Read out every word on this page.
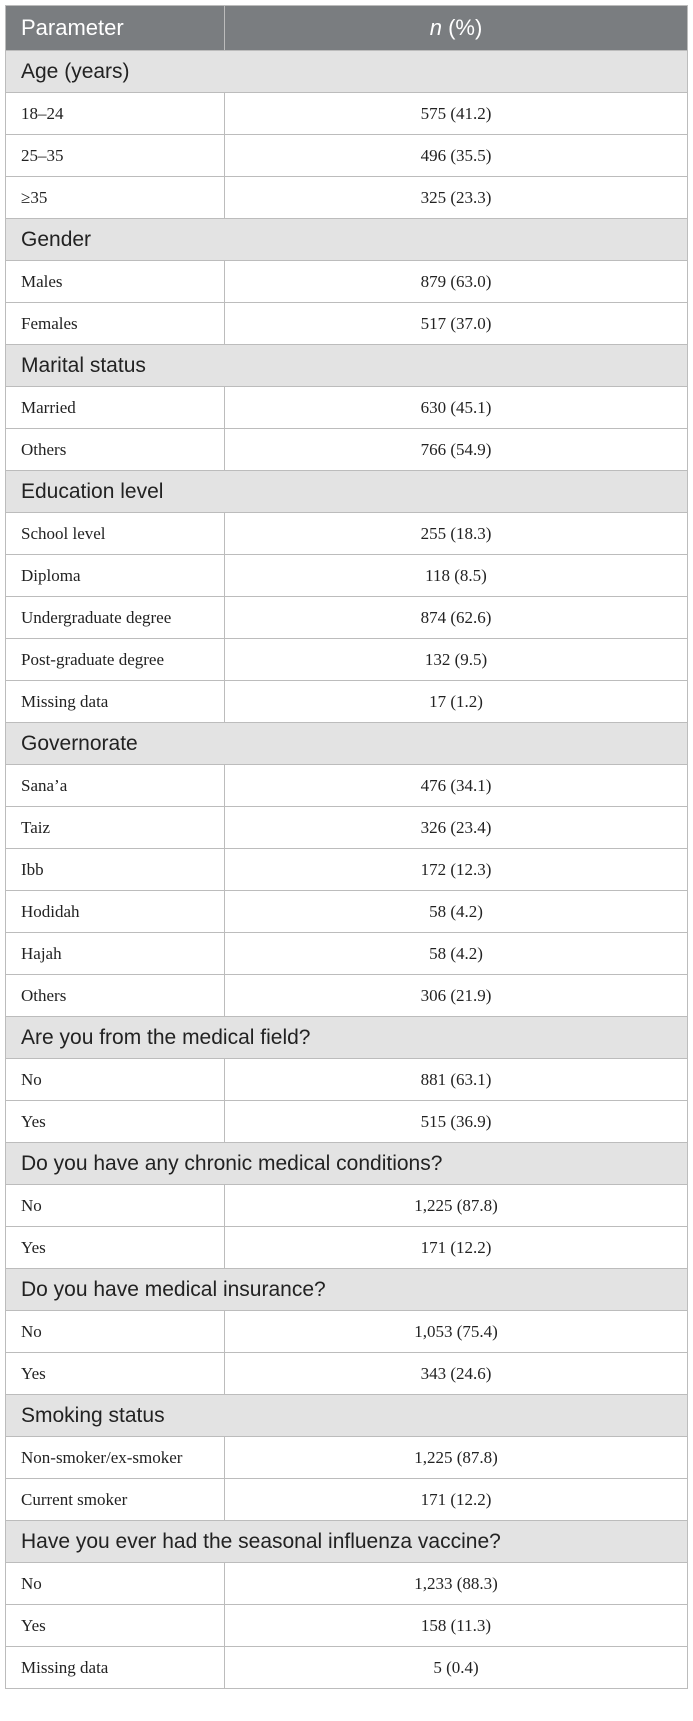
Parameter	n (%)
Age (years)	
18–24	575 (41.2)
25–35	496 (35.5)
≥35	325 (23.3)
Gender	
Males	879 (63.0)
Females	517 (37.0)
Marital status	
Married	630 (45.1)
Others	766 (54.9)
Education level	
School level	255 (18.3)
Diploma	118 (8.5)
Undergraduate degree	874 (62.6)
Post-graduate degree	132 (9.5)
Missing data	17 (1.2)
Governorate	
Sana’a	476 (34.1)
Taiz	326 (23.4)
Ibb	172 (12.3)
Hodidah	58 (4.2)
Hajah	58 (4.2)
Others	306 (21.9)
Are you from the medical field?	
No	881 (63.1)
Yes	515 (36.9)
Do you have any chronic medical conditions?	
No	1,225 (87.8)
Yes	171 (12.2)
Do you have medical insurance?	
No	1,053 (75.4)
Yes	343 (24.6)
Smoking status	
Non-smoker/ex-smoker	1,225 (87.8)
Current smoker	171 (12.2)
Have you ever had the seasonal influenza vaccine?	
No	1,233 (88.3)
Yes	158 (11.3)
Missing data	5 (0.4)
